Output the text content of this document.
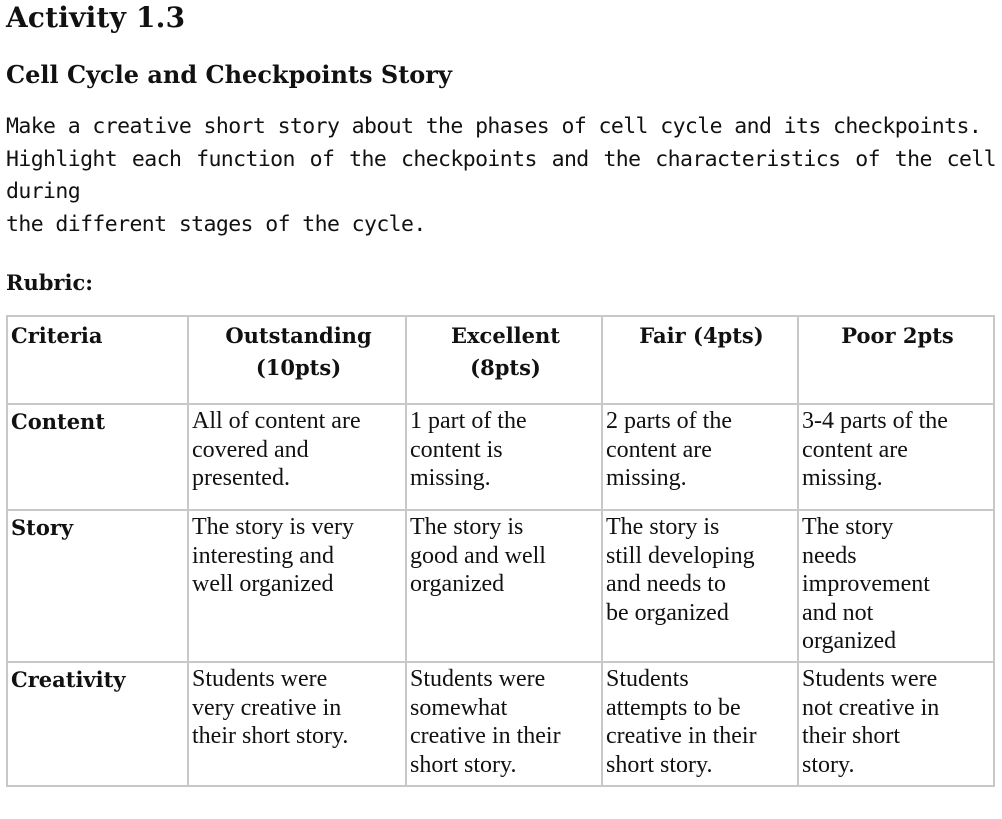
Activity 1.3
Cell Cycle and Checkpoints Story
Make a creative short story about the phases of cell cycle and its checkpoints.
Highlight each function of the checkpoints and the characteristics of the cell during
the different stages of the cycle.
Rubric:
Criteria	Outstanding
(10pts)	Excellent
(8pts)	Fair (4pts)	Poor 2pts

Content	All of content are
covered and
presented.	1 part of the
content is
missing.	2 parts of the
content are
missing.	3-4 parts of the
content are
missing.

Story	The story is very
interesting and
well organized	The story is
good and well
organized	The story is
still developing
and needs to
be organized	The story
needs
improvement
and not
organized

Creativity	Students were
very creative in
their short story.	Students were
somewhat
creative in their
short story.	Students
attempts to be
creative in their
short story.	Students were
not creative in
their short
story.
